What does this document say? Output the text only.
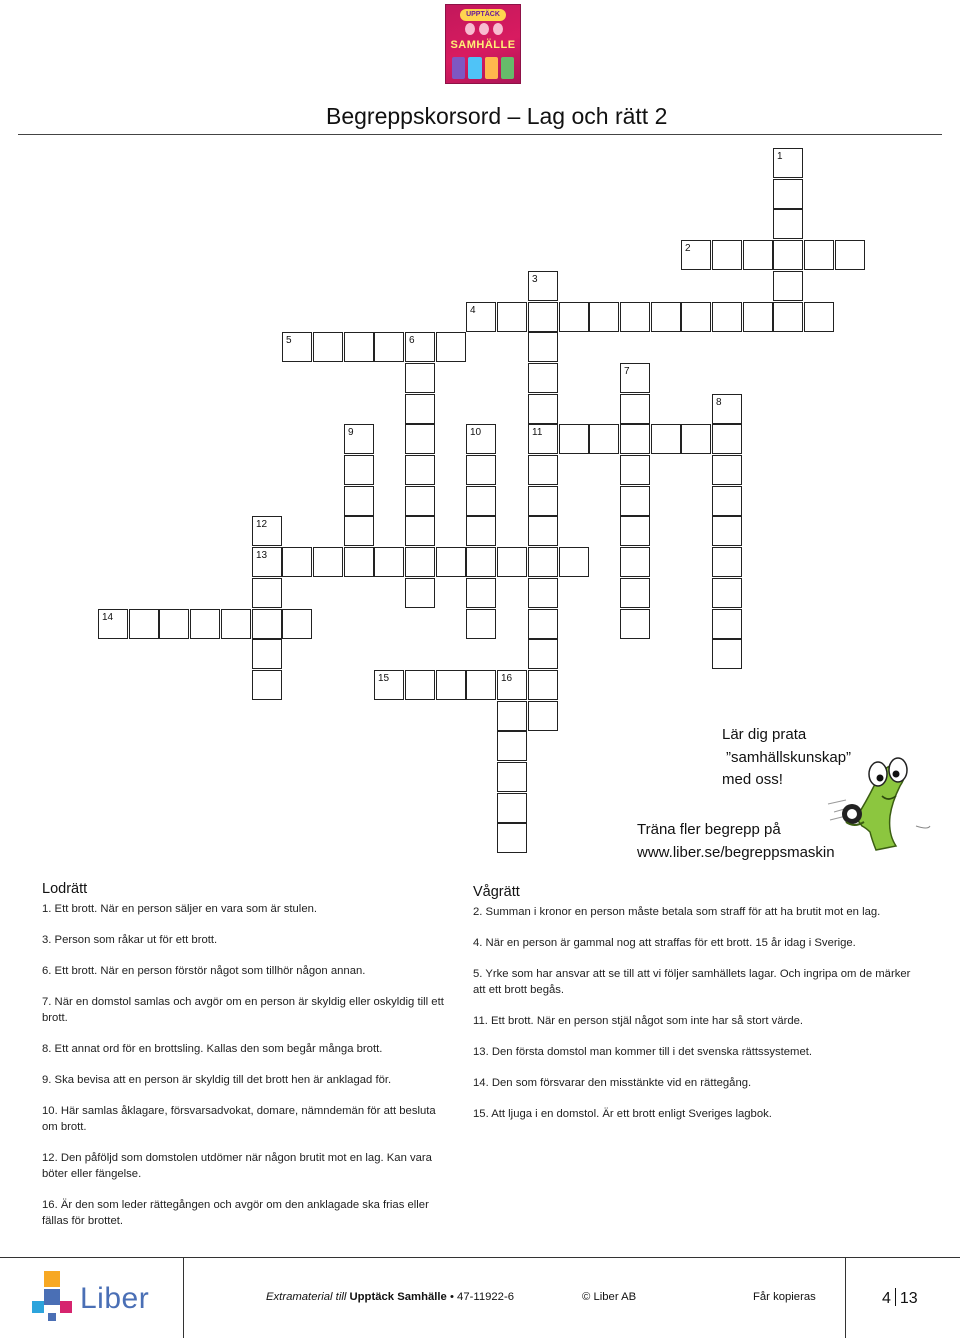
UPPTÄCK
SAMHÄLLE
Begreppskorsord – Lag och rätt 2
1
2
3
11
4
5	6
7
8
9	10
12
13
14
15	16
Lär dig prata
”samhällskunskap”
med oss!
Träna fler begrepp på
www.liber.se/begreppsmaskin
Lodrätt
1. Ett brott. När en person säljer en vara som är stulen.
3. Person som råkar ut för ett brott.
6. Ett brott. När en person förstör något som tillhör någon annan.
7. När en domstol samlas och avgör om en person är skyldig eller oskyldig till ett brott.
8. Ett annat ord för en brottsling. Kallas den som begår många brott.
9. Ska bevisa att en person är skyldig till det brott hen är anklagad för.
10. Här samlas åklagare, försvarsadvokat, domare, nämndemän för att besluta om brott.
12. Den påföljd som domstolen utdömer när någon brutit mot en lag. Kan vara böter eller fängelse.
16. Är den som leder rättegången och avgör om den anklagade ska frias eller fällas för brottet.
Vågrätt
2. Summan i kronor en person måste betala som straff för att ha brutit mot en lag.
4. När en person är gammal nog att straffas för ett brott. 15 år idag i Sverige.
5. Yrke som har ansvar att se till att vi följer samhällets lagar. Och ingripa om de märker att ett brott begås.
11. Ett brott. När en person stjäl något som inte har så stort värde.
13. Den första domstol man kommer till i det svenska rättssystemet.
14. Den som försvarar den misstänkte vid en rättegång.
15. Att ljuga i en domstol. Är ett brott enligt Sveriges lagbok.
Liber	Extramaterial till Upptäck Samhälle • 47-11922-6	© Liber AB	Får kopieras	4 13
